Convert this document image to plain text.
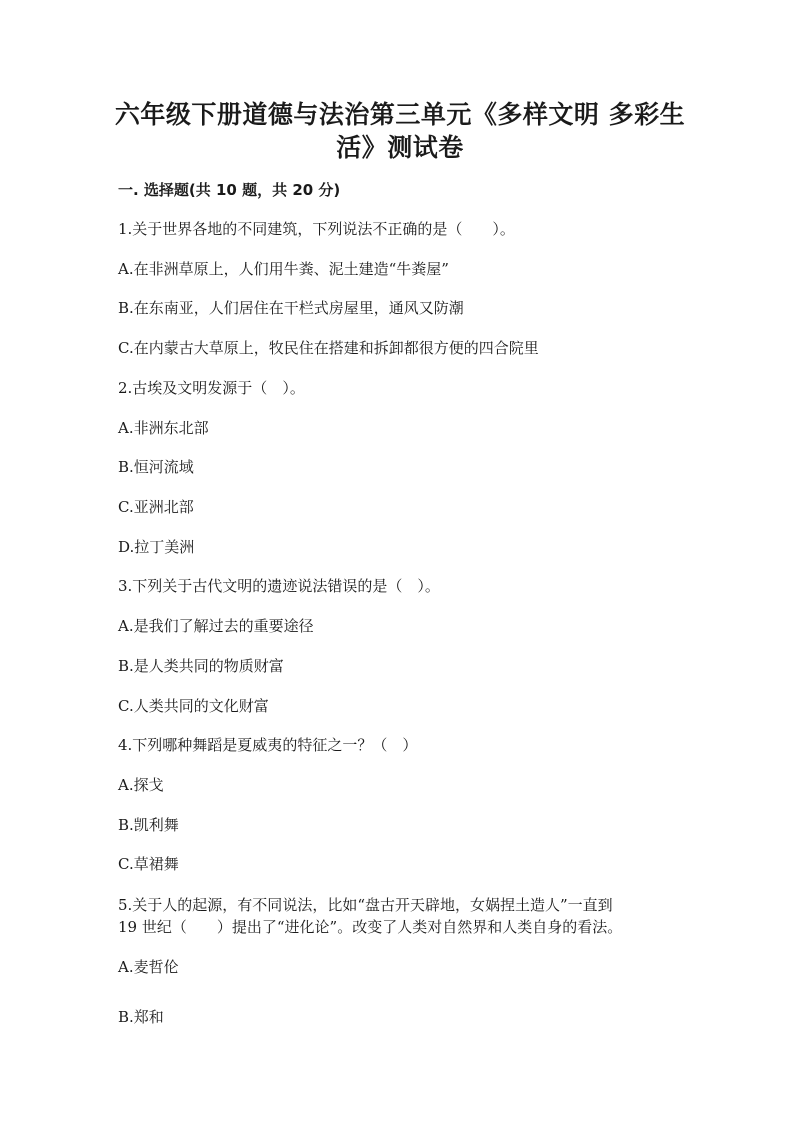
六年级下册道德与法治第三单元《多样文明 多彩生
活》测试卷
一. 选择题(共 10 题，共 20 分)
1.关于世界各地的不同建筑，下列说法不正确的是（　　）。
A.在非洲草原上，人们用牛粪、泥土建造“牛粪屋”
B.在东南亚，人们居住在干栏式房屋里，通风又防潮
C.在内蒙古大草原上，牧民住在搭建和拆卸都很方便的四合院里
2.古埃及文明发源于（　）。
A.非洲东北部
B.恒河流域
C.亚洲北部
D.拉丁美洲
3.下列关于古代文明的遗迹说法错误的是（　）。
A.是我们了解过去的重要途径
B.是人类共同的物质财富
C.人类共同的文化财富
4.下列哪种舞蹈是夏威夷的特征之一？（　）
A.探戈
B.凯利舞
C.草裙舞
5.关于人的起源，有不同说法，比如“盘古开天辟地，女娲捏土造人”一直到
19 世纪（　　）提出了“进化论”。改变了人类对自然界和人类自身的看法。
A.麦哲伦
B.郑和
